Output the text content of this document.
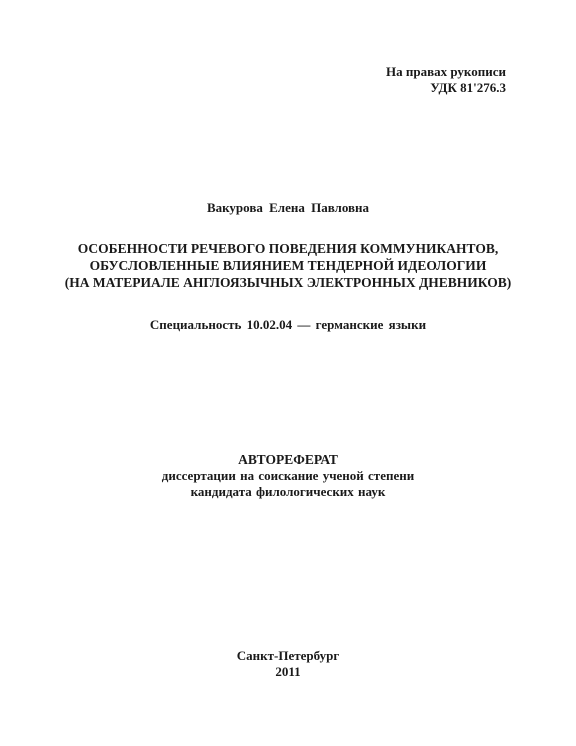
На правах рукописи
УДК 81'276.3
Вакурова Елена Павловна
ОСОБЕННОСТИ РЕЧЕВОГО ПОВЕДЕНИЯ КОММУНИКАНТОВ,
ОБУСЛОВЛЕННЫЕ ВЛИЯНИЕМ ТЕНДЕРНОЙ ИДЕОЛОГИИ
(НА МАТЕРИАЛЕ АНГЛОЯЗЫЧНЫХ ЭЛЕКТРОННЫХ ДНЕВНИКОВ)
Специальность 10.02.04 — германские языки
АВТОРЕФЕРАТ
диссертации на соискание ученой степени
кандидата филологических наук
Санкт-Петербург
2011
